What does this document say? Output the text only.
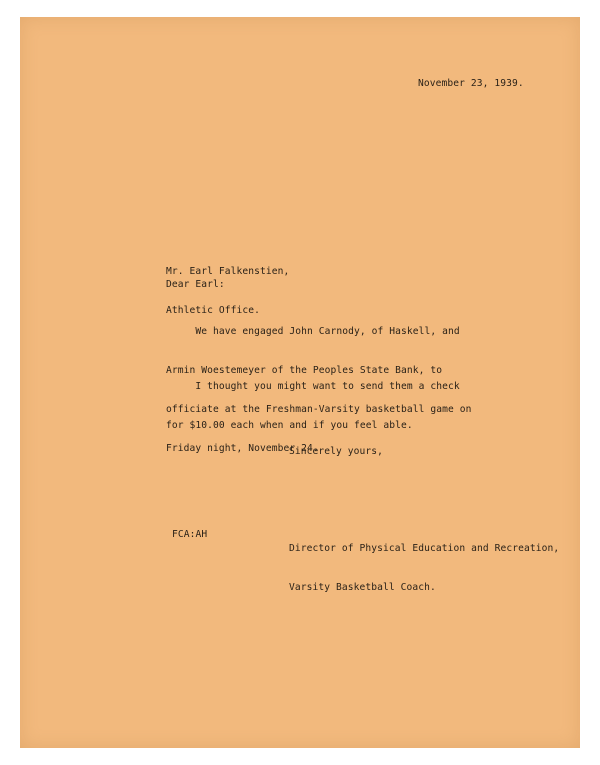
November 23, 1939.

Mr. Earl Falkenstien,

Athletic Office.

Dear Earl:

We have engaged John Carnody, of Haskell, and

Armin Woestemeyer of the Peoples State Bank, to

officiate at the Freshman-Varsity basketball game on

Friday night, November 24.

I thought you might want to send them a check

for $10.00 each when and if you feel able.

Sincerely yours,

FCA:AH

Director of Physical Education and Recreation,

Varsity Basketball Coach.
